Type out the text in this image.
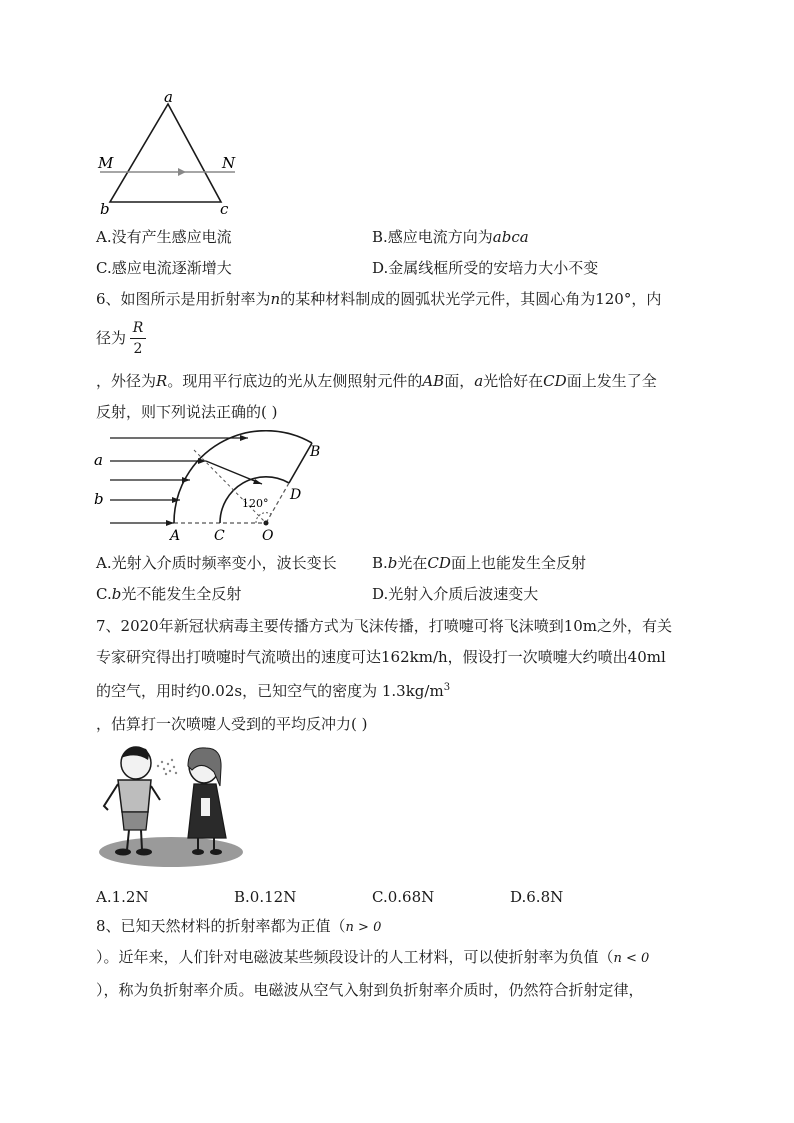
a
M	N
b	c
A.没有产生感应电流	B.感应电流方向为abca
C.感应电流逐渐增大	D.金属线框所受的安培力大小不变
6、如图所示是用折射率为n的某种材料制成的圆弧状光学元件，其圆心角为120°，内
径为
R
2
，外径为R。现用平行底边的光从左侧照射元件的AB面，a光恰好在CD面上发生了全
反射，则下列说法正确的( )
a
b
A C	O
B
D
120°
A.光射入介质时频率变小，波长变长 B.b光在CD面上也能发生全反射
C.b光不能发生全反射	D.光射入介质后波速变大
7、2020年新冠状病毒主要传播方式为飞沫传播，打喷嚏可将飞沫喷到10m之外，有关
专家研究得出打喷嚏时气流喷出的速度可达162km/h，假设打一次喷嚏大约喷出40ml
的空气，用时约0.02s，已知空气的密度为 $1.3kg/m^3$
，估算打一次喷嚏人受到的平均反冲力( )
A.1.2N	B.0.12N	C.0.68N	D.6.8N
8、已知天然材料的折射率都为正值（n > 0
）。近年来，人们针对电磁波某些频段设计的人工材料，可以使折射率为负值（n < 0
），称为负折射率介质。电磁波从空气入射到负折射率介质时，仍然符合折射定律，
